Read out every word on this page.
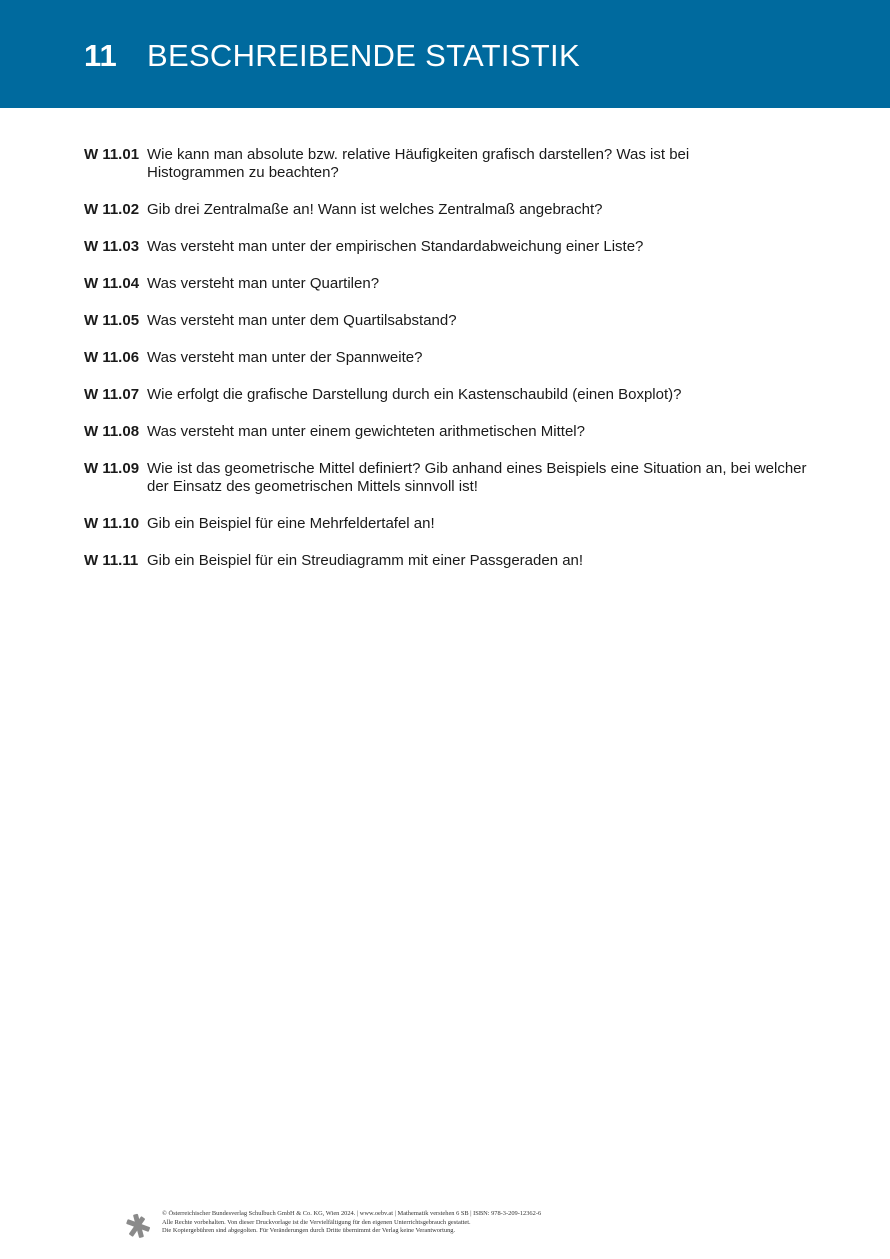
11 BESCHREIBENDE STATISTIK
W 11.01 Wie kann man absolute bzw. relative Häufigkeiten grafisch darstellen? Was ist bei Histogrammen zu beachten?
W 11.02 Gib drei Zentralmaße an! Wann ist welches Zentralmaß angebracht?
W 11.03 Was versteht man unter der empirischen Standardabweichung einer Liste?
W 11.04 Was versteht man unter Quartilen?
W 11.05 Was versteht man unter dem Quartilsabstand?
W 11.06 Was versteht man unter der Spannweite?
W 11.07 Wie erfolgt die grafische Darstellung durch ein Kastenschaubild (einen Boxplot)?
W 11.08 Was versteht man unter einem gewichteten arithmetischen Mittel?
W 11.09 Wie ist das geometrische Mittel definiert? Gib anhand eines Beispiels eine Situation an, bei welcher der Einsatz des geometrischen Mittels sinnvoll ist!
W 11.10 Gib ein Beispiel für eine Mehrfeldertafel an!
W 11.11 Gib ein Beispiel für ein Streudiagramm mit einer Passgeraden an!
© Österreichischer Bundesverlag Schulbuch GmbH & Co. KG, Wien 2024. | www.oebv.at | Mathematik verstehen 6 SB | ISBN: 978-3-209-12362-6
Alle Rechte vorbehalten. Von dieser Druckvorlage ist die Vervielfältigung für den eigenen Unterrichtsgebrauch gestattet.
Die Kopiergebühren sind abgegolten. Für Veränderungen durch Dritte übernimmt der Verlag keine Verantwortung.
